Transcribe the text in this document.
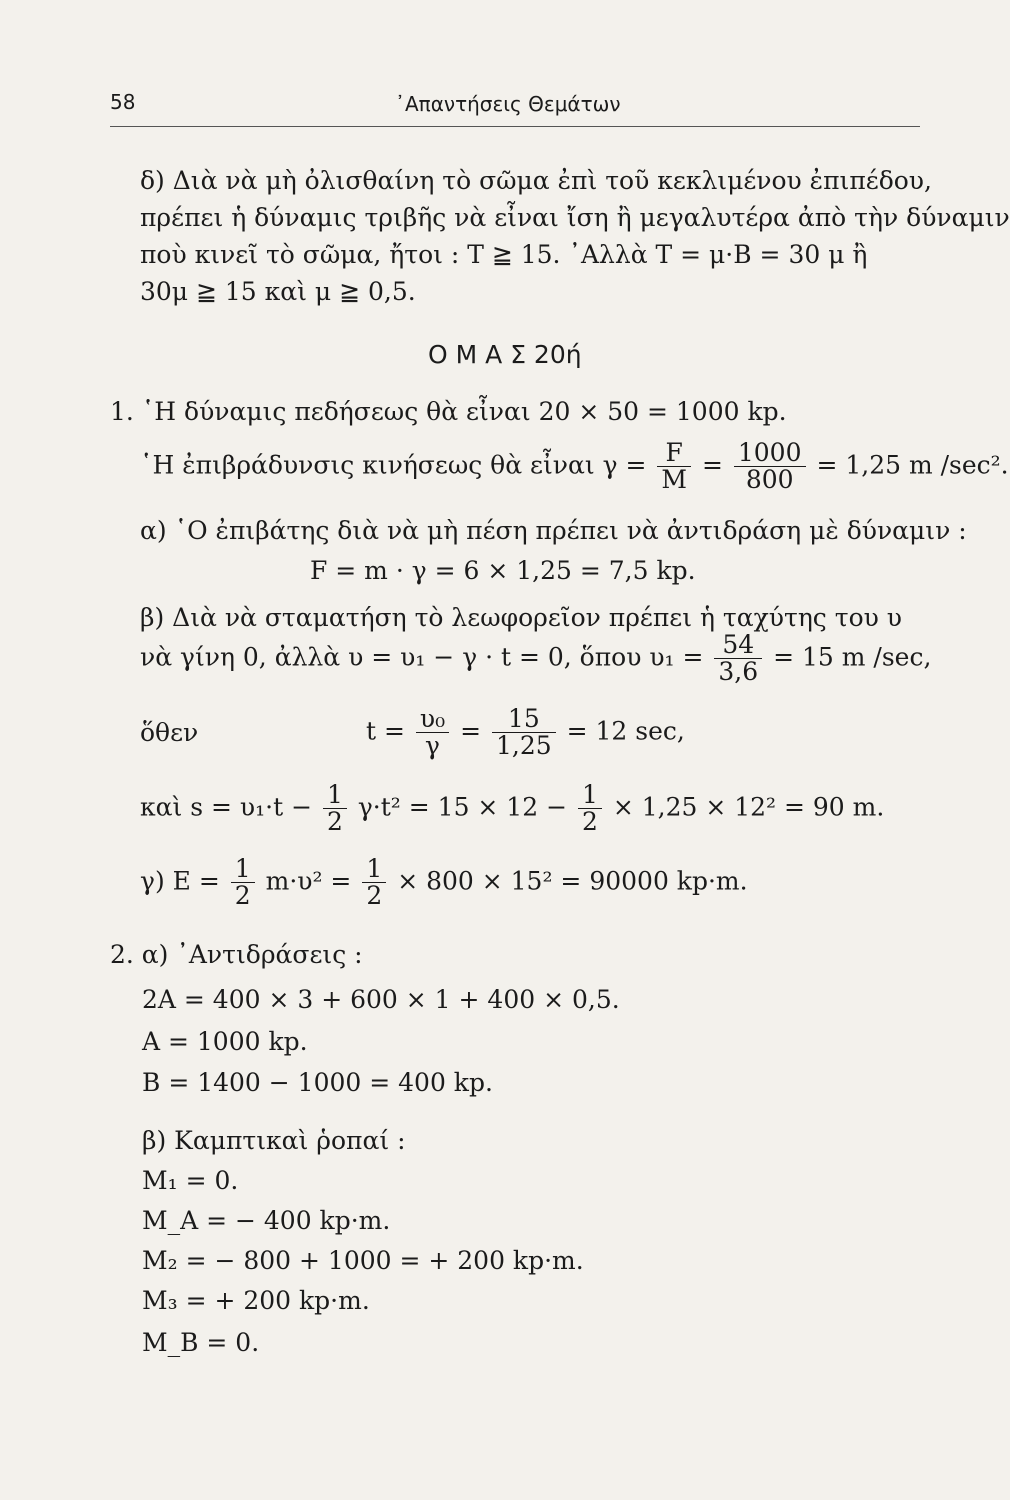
58	᾿Απαντήσεις Θεμάτων
δ) Διὰ νὰ μὴ ὀλισθαίνη τὸ σῶμα ἐπὶ τοῦ κεκλιμένου ἐπιπέδου,
πρέπει ἡ δύναμις τριβῆς νὰ εἶναι ἴση ἢ μεγαλυτέρα ἀπὸ τὴν δύναμιν
ποὺ κινεῖ τὸ σῶμα, ἤτοι : T ≧ 15. ᾿Αλλὰ T = μ·B = 30 μ ἢ
30μ ≧ 15 καὶ μ ≧ 0,5.
Ο Μ Α Σ 20ή
1. ῾Η δύναμις πεδήσεως θὰ εἶναι 20 × 50 = 1000 kp.
῾Η ἐπιβράδυνσις κινήσεως θὰ εἶναι $\gamma = \frac{F}{M} = \frac{1000}{800} = 1,25$ m /sec².
α) ῾Ο ἐπιβάτης διὰ νὰ μὴ πέση πρέπει νὰ ἀντιδράση μὲ δύναμιν :
F = m · γ = 6 × 1,25 = 7,5 kp.
β) Διὰ νὰ σταματήση τὸ λεωφορεῖον πρέπει ἡ ταχύτης του υ
νὰ γίνη 0, ἀλλὰ υ = υ₁ − γ · t = 0, ὅπου $\upsilon_1 = \frac{54}{3,6} = 15$ m /sec,
ὅθεν	$t = \frac{\text{υ₀}}{\gamma} = \frac{15}{1,25} = 12$ sec,
καὶ $s = \upsilon_1\cdot t - \frac{1}{2} \gamma\cdot t^2 = 15 \times 12 - \frac{1}{2} \times 1,25 \times 12^2 = 90$ m.
γ) $E = \frac{1}{2} m\cdot\upsilon^2 = \frac{1}{2} \times 800 \times 15^2 = 90000$ kp·m.
2. α) ᾿Αντιδράσεις :
2A = 400 × 3 + 600 × 1 + 400 × 0,5.
A = 1000 kp.
B = 1400 − 1000 = 400 kp.
β) Καμπτικαὶ ῥοπαί :
M₁ = 0.
M_A = − 400 kp·m.
M₂ = − 800 + 1000 = + 200 kp·m.
M₃ = + 200 kp·m.
M_B = 0.
